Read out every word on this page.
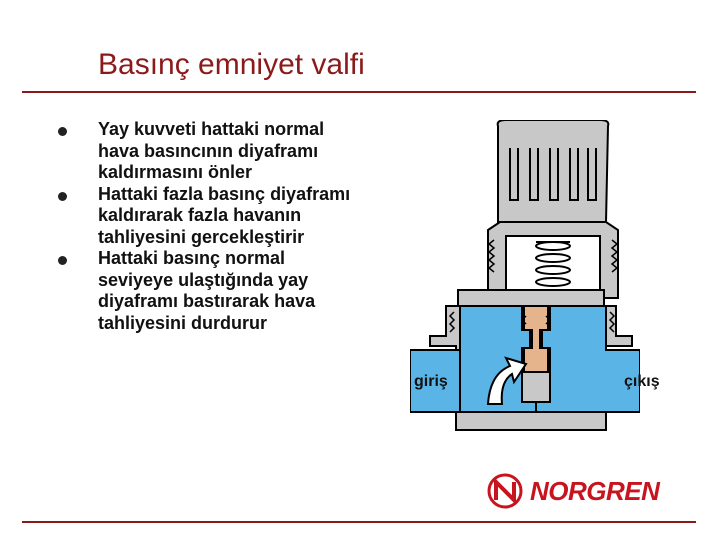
Basınç emniyet valfi
Yay kuvveti hattaki normal hava basıncının diyaframı kaldırmasını önler
Hattaki fazla basınç diyaframı kaldırarak fazla havanın tahliyesini gercekleştirir
Hattaki basınç normal seviyeye ulaştığında yay diyaframı bastırarak hava tahliyesini durdurur
giriş	çıkış
NORGREN
